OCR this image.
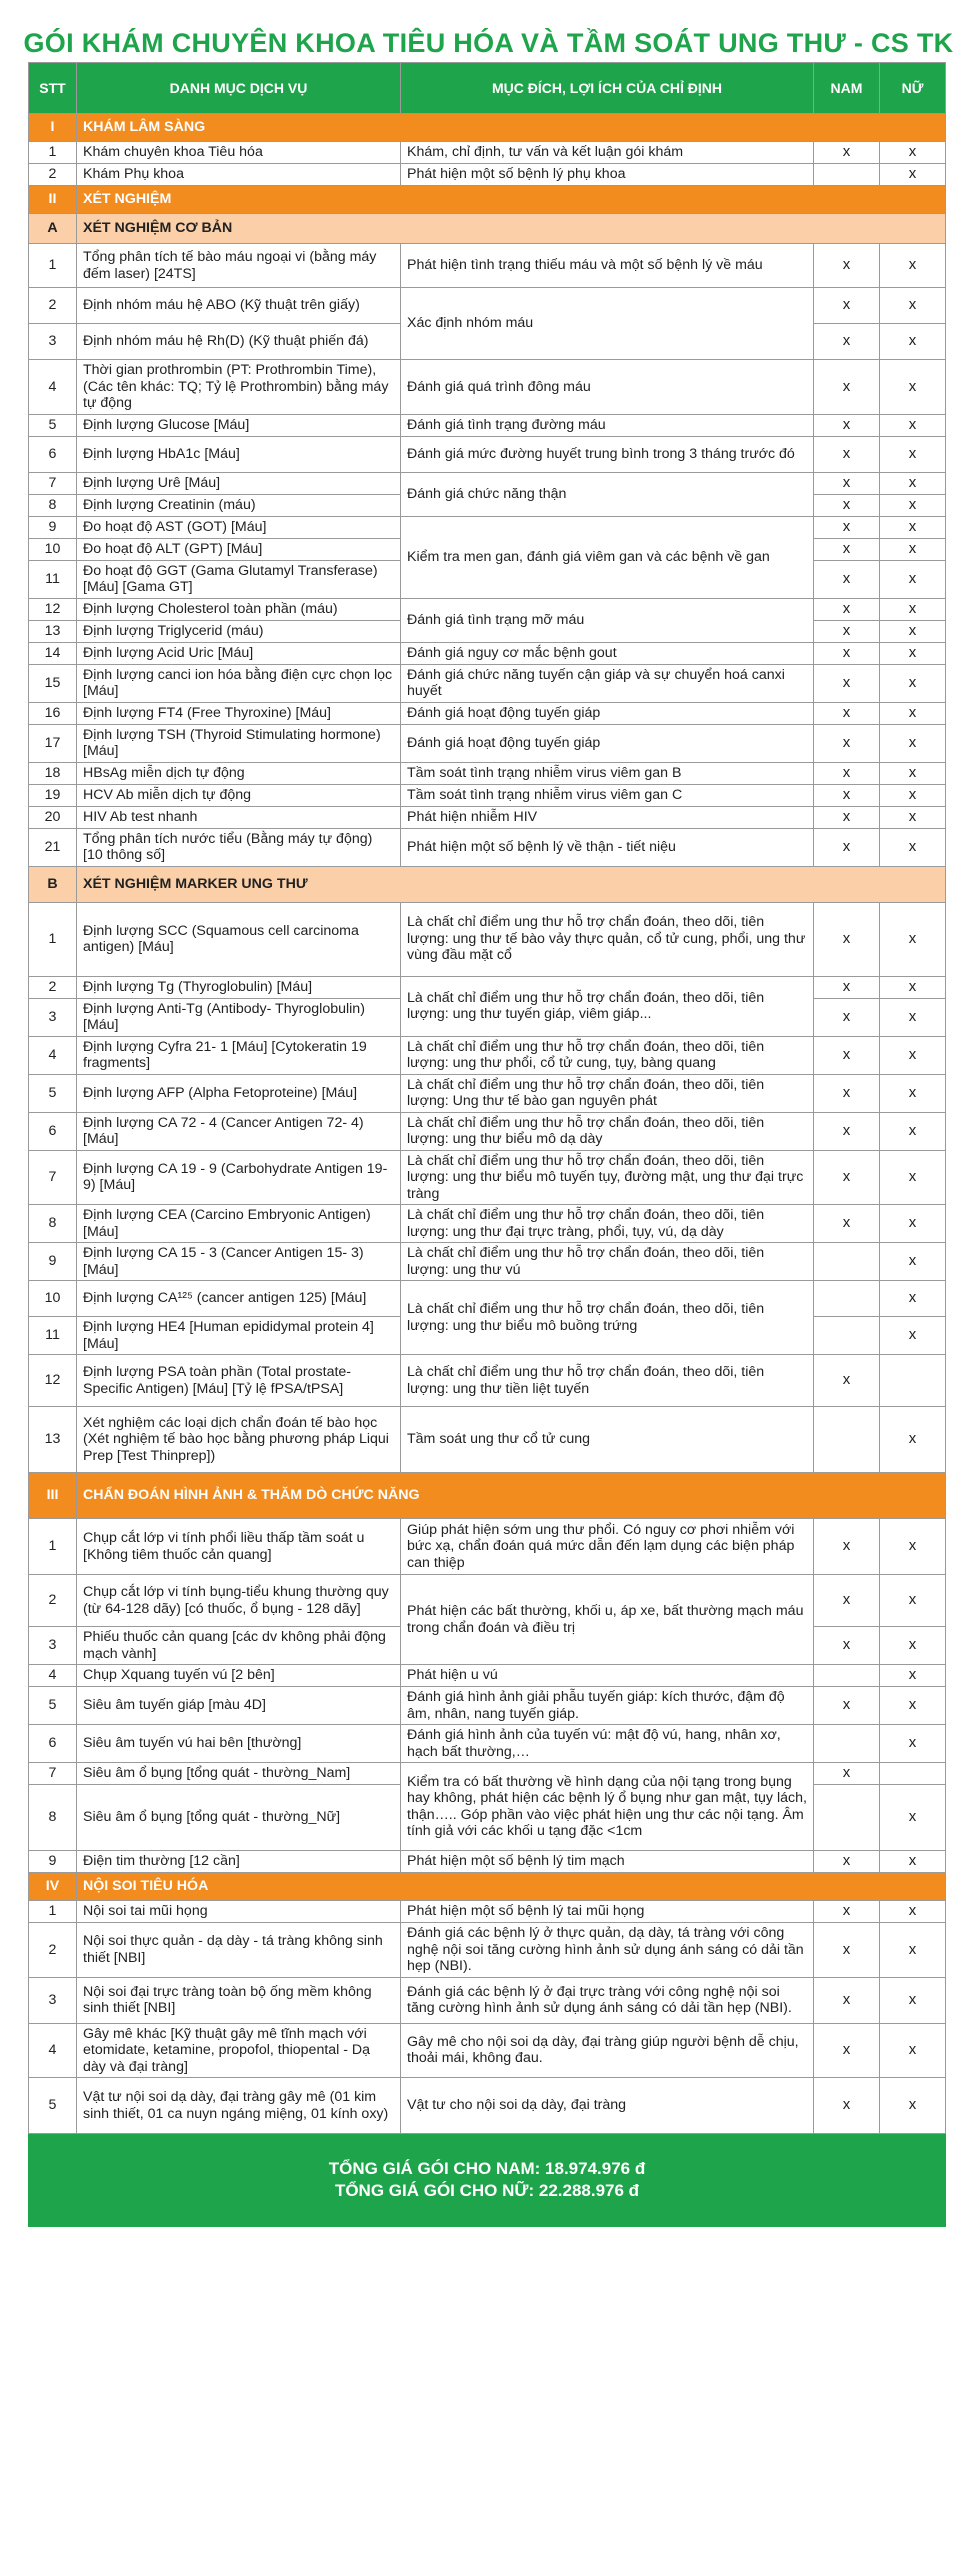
GÓI KHÁM CHUYÊN KHOA TIÊU HÓA VÀ TẦM SOÁT UNG THƯ - CS TK
STT	DANH MỤC DỊCH VỤ	MỤC ĐÍCH, LỢI ÍCH CỦA CHỈ ĐỊNH	NAM	NỮ
I	KHÁM LÂM SÀNG			
1	Khám chuyên khoa Tiêu hóa	Khám, chỉ định, tư vấn và kết luận gói khám	x	x
2	Khám Phụ khoa	Phát hiện một số bệnh lý phụ khoa		x
II	XÉT NGHIỆM			
A	XÉT NGHIỆM CƠ BẢN			
1	Tổng phân tích tế bào máu ngoại vi (bằng máy đếm laser) [24TS]	Phát hiện tình trạng thiếu máu và một số bệnh lý về máu	x	x
2	Định nhóm máu hệ ABO (Kỹ thuật trên giấy)	Xác định nhóm máu	x	x
3	Định nhóm máu hệ Rh(D) (Kỹ thuật phiến đá)		x	x
4	Thời gian prothrombin (PT: Prothrombin Time), (Các tên khác: TQ; Tỷ lệ Prothrombin) bằng máy tự động	Đánh giá quá trình đông máu	x	x
5	Định lượng Glucose [Máu]	Đánh giá tình trạng đường máu	x	x
6	Định lượng HbA1c [Máu]	Đánh giá mức đường huyết trung bình trong 3 tháng trước đó	x	x
7	Định lượng Urê [Máu]	Đánh giá chức năng thận	x	x
8	Định lượng Creatinin (máu)		x	x
9	Đo hoạt độ AST (GOT) [Máu]	Kiểm tra men gan, đánh giá viêm gan và các bệnh về gan	x	x
10	Đo hoạt độ ALT (GPT) [Máu]		x	x
11	Đo hoạt độ GGT (Gama Glutamyl Transferase) [Máu] [Gama GT]		x	x
12	Định lượng Cholesterol toàn phần (máu)	Đánh giá tình trạng mỡ máu	x	x
13	Định lượng Triglycerid (máu)		x	x
14	Định lượng Acid Uric [Máu]	Đánh giá nguy cơ mắc bệnh gout	x	x
15	Định lượng canci ion hóa bằng điện cực chọn lọc [Máu]	Đánh giá chức năng tuyến cận giáp và sự chuyển hoá canxi huyết	x	x
16	Định lượng FT4 (Free Thyroxine) [Máu]	Đánh giá hoạt động tuyến giáp	x	x
17	Định lượng TSH (Thyroid Stimulating hormone) [Máu]	Đánh giá hoạt động tuyến giáp	x	x
18	HBsAg miễn dịch tự động	Tầm soát tình trạng nhiễm virus viêm gan B	x	x
19	HCV Ab miễn dịch tự động	Tầm soát tình trạng nhiễm virus viêm gan C	x	x
20	HIV Ab test nhanh	Phát hiện nhiễm HIV	x	x
21	Tổng phân tích nước tiểu (Bằng máy tự động) [10 thông số]	Phát hiện một số bệnh lý về thận - tiết niệu	x	x
B	XÉT NGHIỆM MARKER UNG THƯ			
1	Định lượng SCC (Squamous cell carcinoma antigen) [Máu]	Là chất chỉ điểm ung thư hỗ trợ chẩn đoán, theo dõi, tiên lượng: ung thư tế bào vảy thực quản, cổ tử cung, phổi, ung thư vùng đầu mặt cổ	x	x
2	Định lượng Tg (Thyroglobulin) [Máu]	Là chất chỉ điểm ung thư hỗ trợ chẩn đoán, theo dõi, tiên lượng: ung thư tuyến giáp, viêm giáp...	x	x
3	Định lượng Anti-Tg (Antibody- Thyroglobulin) [Máu]		x	x
4	Định lượng Cyfra 21- 1 [Máu] [Cytokeratin 19 fragments]	Là chất chỉ điểm ung thư hỗ trợ chẩn đoán, theo dõi, tiên lượng: ung thư phổi, cổ tử cung, tụy, bàng quang	x	x
5	Định lượng AFP (Alpha Fetoproteine) [Máu]	Là chất chỉ điểm ung thư hỗ trợ chẩn đoán, theo dõi, tiên lượng: Ung thư tế bào gan nguyên phát	x	x
6	Định lượng CA 72 - 4 (Cancer Antigen 72- 4) [Máu]	Là chất chỉ điểm ung thư hỗ trợ chẩn đoán, theo dõi, tiên lượng: ung thư biểu mô dạ dày	x	x
7	Định lượng CA 19 - 9 (Carbohydrate Antigen 19-9) [Máu]	Là chất chỉ điểm ung thư hỗ trợ chẩn đoán, theo dõi, tiên lượng: ung thư biểu mô tuyến tụy, đường mật, ung thư đại trực tràng	x	x
8	Định lượng CEA (Carcino Embryonic Antigen) [Máu]	Là chất chỉ điểm ung thư hỗ trợ chẩn đoán, theo dõi, tiên lượng: ung thư đại trực tràng, phổi, tụy, vú, dạ dày	x	x
9	Định lượng CA 15 - 3 (Cancer Antigen 15- 3) [Máu]	Là chất chỉ điểm ung thư hỗ trợ chẩn đoán, theo dõi, tiên lượng: ung thư vú		x
10	Định lượng CA¹²⁵ (cancer antigen 125) [Máu]	Là chất chỉ điểm ung thư hỗ trợ chẩn đoán, theo dõi, tiên lượng: ung thư biểu mô buồng trứng		x
11	Định lượng HE4 [Human epididymal protein 4] [Máu]			x
12	Định lượng PSA toàn phần (Total prostate-Specific Antigen) [Máu] [Tỷ lệ fPSA/tPSA]	Là chất chỉ điểm ung thư hỗ trợ chẩn đoán, theo dõi, tiên lượng: ung thư tiền liệt tuyến	x	
13	Xét nghiệm các loại dịch chẩn đoán tế bào học (Xét nghiệm tế bào học bằng phương pháp Liqui Prep [Test Thinprep])	Tầm soát ung thư cổ tử cung		x
III	CHẨN ĐOÁN HÌNH ẢNH & THĂM DÒ CHỨC NĂNG			
1	Chụp cắt lớp vi tính phổi liều thấp tầm soát u [Không tiêm thuốc cản quang]	Giúp phát hiện sớm ung thư phổi. Có nguy cơ phơi nhiễm với bức xạ, chẩn đoán quá mức dẫn đến lạm dụng các biện pháp can thiệp	x	x
2	Chụp cắt lớp vi tính bụng-tiểu khung thường quy (từ 64-128 dãy) [có thuốc, ổ bụng - 128 dãy]	Phát hiện các bất thường, khối u, áp xe, bất thường mạch máu trong chẩn đoán và điều trị	x	x
3	Phiếu thuốc cản quang [các dv không phải động mạch vành]		x	x
4	Chụp Xquang tuyến vú [2 bên]	Phát hiện u vú		x
5	Siêu âm tuyến giáp [màu 4D]	Đánh giá hình ảnh giải phẫu tuyến giáp: kích thước, đậm độ âm, nhân, nang tuyến giáp.	x	x
6	Siêu âm tuyến vú hai bên [thường]	Đánh giá hình ảnh của tuyến vú: mật độ vú, hang, nhân xơ, hạch bất thường,…		x
7	Siêu âm ổ bụng [tổng quát - thường_Nam]	Kiểm tra có bất thường về hình dạng của nội tạng trong bụng hay không, phát hiện các bệnh lý ổ bụng như gan mật, tụy lách, thận….. Góp phần vào việc phát hiện ung thư các nội tạng. Âm tính giả với các khối u tạng đặc <1cm	x	
8	Siêu âm ổ bụng [tổng quát - thường_Nữ]			x
9	Điện tim thường [12 cần]	Phát hiện một số bệnh lý tim mạch	x	x
IV	NỘI SOI TIÊU HÓA			
1	Nội soi tai mũi họng	Phát hiện một số bệnh lý tai mũi họng	x	x
2	Nội soi thực quản - dạ dày - tá tràng không sinh thiết [NBI]	Đánh giá các bệnh lý ở thực quản, dạ dày, tá tràng với công nghệ nội soi tăng cường hình ảnh sử dụng ánh sáng có dải tần hẹp (NBI).	x	x
3	Nội soi đại trực tràng toàn bộ ống mềm không sinh thiết [NBI]	Đánh giá các bệnh lý ở đại trực tràng với công nghệ nội soi tăng cường hình ảnh sử dụng ánh sáng có dải tần hẹp (NBI).	x	x
4	Gây mê khác [Kỹ thuật gây mê tĩnh mạch với etomidate, ketamine, propofol, thiopental - Dạ dày và đại tràng]	Gây mê cho nội soi dạ dày, đại tràng giúp người bệnh dễ chịu, thoải mái, không đau.	x	x
5	Vật tư nội soi dạ dày, đại tràng gây mê (01 kim sinh thiết, 01 ca nuyn ngáng miệng, 01 kính oxy)	Vật tư cho nội soi dạ dày, đại tràng	x	x

TỔNG GIÁ GÓI CHO NAM: 18.974.976 đ
TỔNG GIÁ GÓI CHO NỮ: 22.288.976 đ				
